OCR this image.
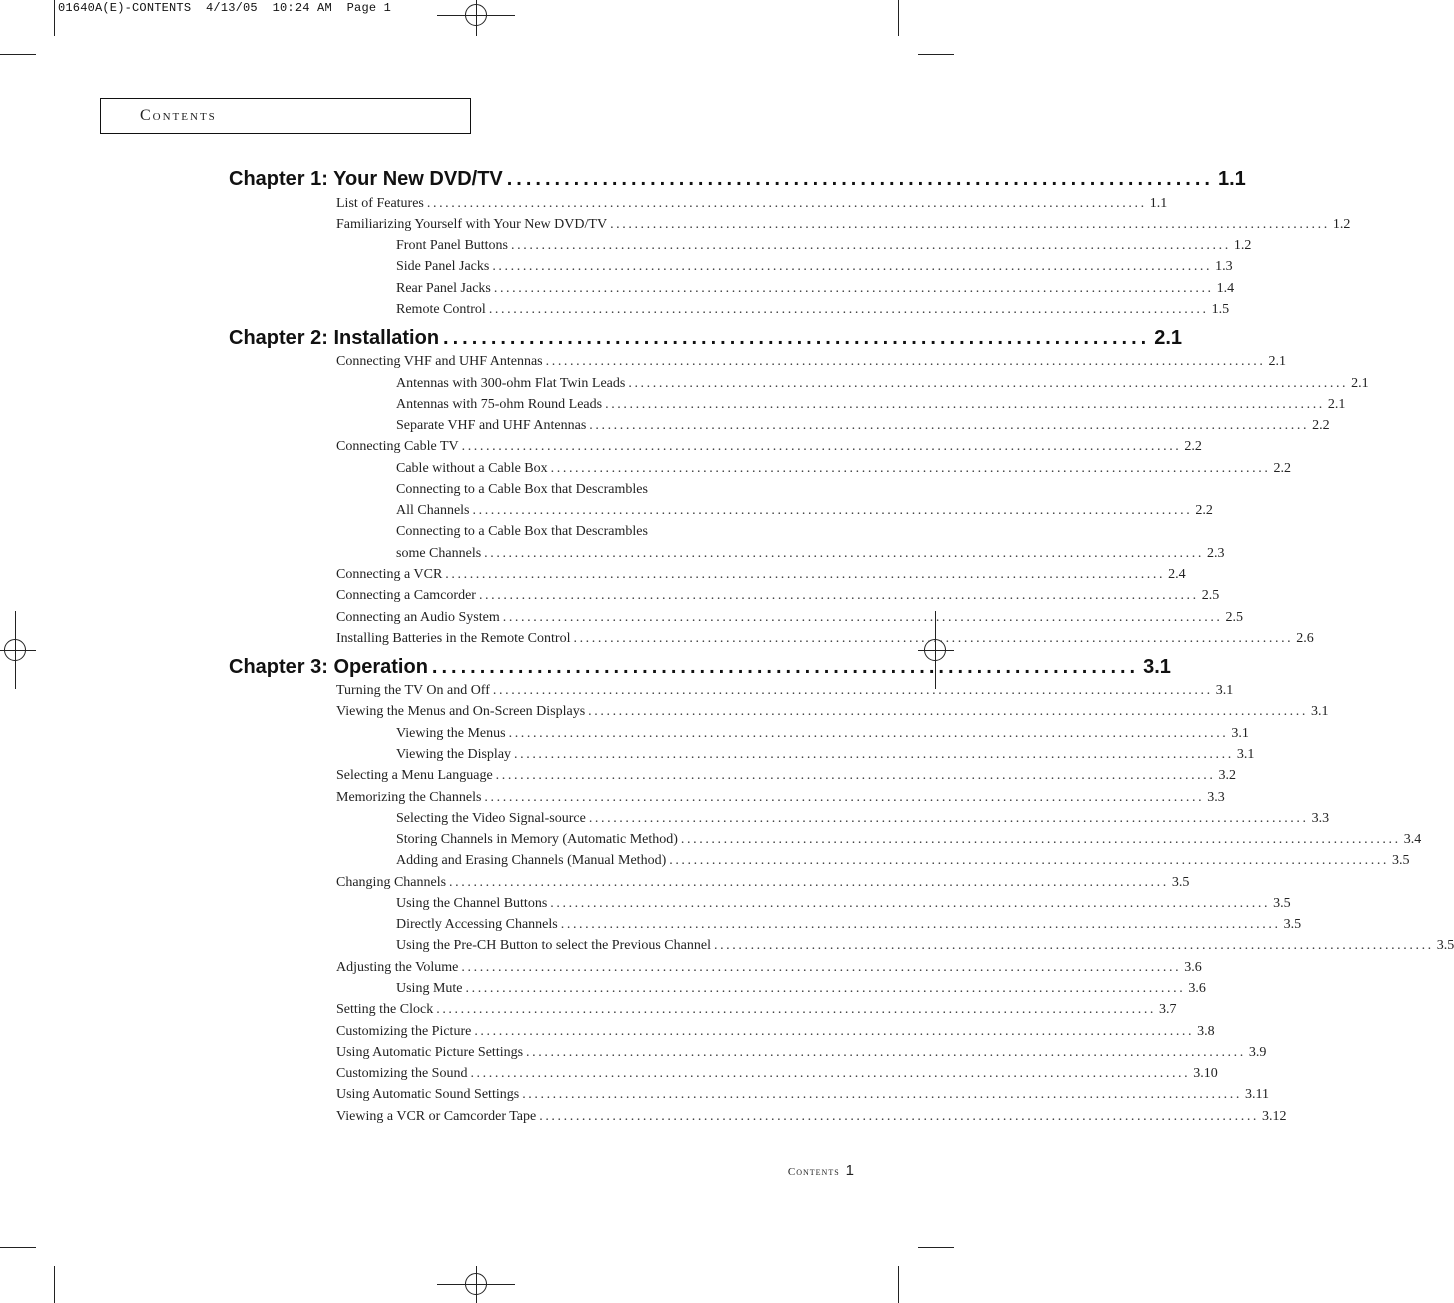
01640A(E)-CONTENTS  4/13/05  10:24 AM  Page 1
Contents
Chapter 1: Your New DVD/TV .......................................................................... 1.1
Chapter 2: Installation .......................................................................... 2.1
Chapter 3: Operation .......................................................................... 3.1
List of Features ...................................................................................................................... 1.1
Familiarizing Yourself with Your New DVD/TV ...................................................................................................................... 1.2
Front Panel Buttons ...................................................................................................................... 1.2
Side Panel Jacks ...................................................................................................................... 1.3
Rear Panel Jacks ...................................................................................................................... 1.4
Remote Control ...................................................................................................................... 1.5
Connecting VHF and UHF Antennas ...................................................................................................................... 2.1
Antennas with 300-ohm Flat Twin Leads ...................................................................................................................... 2.1
Antennas with 75-ohm Round Leads ...................................................................................................................... 2.1
Separate VHF and UHF Antennas ...................................................................................................................... 2.2
Connecting Cable TV ...................................................................................................................... 2.2
Cable without a Cable Box ...................................................................................................................... 2.2
Connecting to a Cable Box that Descrambles
All Channels ...................................................................................................................... 2.2
Connecting to a Cable Box that Descrambles
some Channels ...................................................................................................................... 2.3
Connecting a VCR ...................................................................................................................... 2.4
Connecting a Camcorder ...................................................................................................................... 2.5
Connecting an Audio System ...................................................................................................................... 2.5
Installing Batteries in the Remote Control ...................................................................................................................... 2.6
Turning the TV On and Off ...................................................................................................................... 3.1
Viewing the Menus and On-Screen Displays ...................................................................................................................... 3.1
Viewing the Menus ...................................................................................................................... 3.1
Viewing the Display ...................................................................................................................... 3.1
Selecting a Menu Language ...................................................................................................................... 3.2
Memorizing the Channels ...................................................................................................................... 3.3
Selecting the Video Signal-source ...................................................................................................................... 3.3
Storing Channels in Memory (Automatic Method) ...................................................................................................................... 3.4
Adding and Erasing Channels (Manual Method) ...................................................................................................................... 3.5
Changing Channels ...................................................................................................................... 3.5
Using the Channel Buttons ...................................................................................................................... 3.5
Directly Accessing Channels ...................................................................................................................... 3.5
Using the Pre-CH Button to select the Previous Channel ...................................................................................................................... 3.5
Adjusting the Volume ...................................................................................................................... 3.6
Using Mute ...................................................................................................................... 3.6
Setting the Clock ...................................................................................................................... 3.7
Customizing the Picture ...................................................................................................................... 3.8
Using Automatic Picture Settings ...................................................................................................................... 3.9
Customizing the Sound ...................................................................................................................... 3.10
Using Automatic Sound Settings ...................................................................................................................... 3.11
Viewing a VCR or Camcorder Tape ...................................................................................................................... 3.12
Contents 1
